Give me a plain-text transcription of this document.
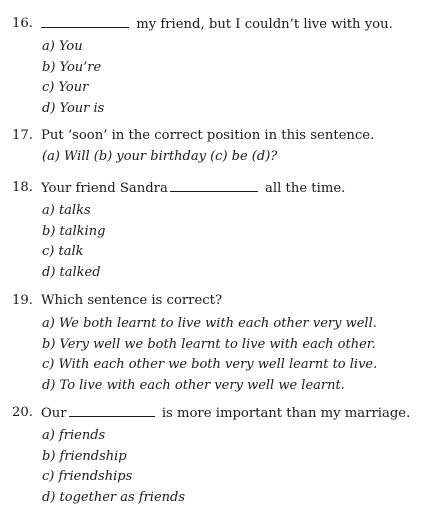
16.	my friend, but I couldn’t live with you.
a) You
b) You’re
c) Your
d) Your is
17. Put ‘soon’ in the correct position in this sentence.
(a) Will (b) your birthday (c) be (d)?
18. Your friend Sandra	all the time.
a) talks
b) talking
c) talk
d) talked
19. Which sentence is correct?
a) We both learnt to live with each other very well.
b) Very well we both learnt to live with each other.
c) With each other we both very well learnt to live.
d) To live with each other very well we learnt.
20. Our	is more important than my marriage.
a) friends
b) friendship
c) friendships
d) together as friends
